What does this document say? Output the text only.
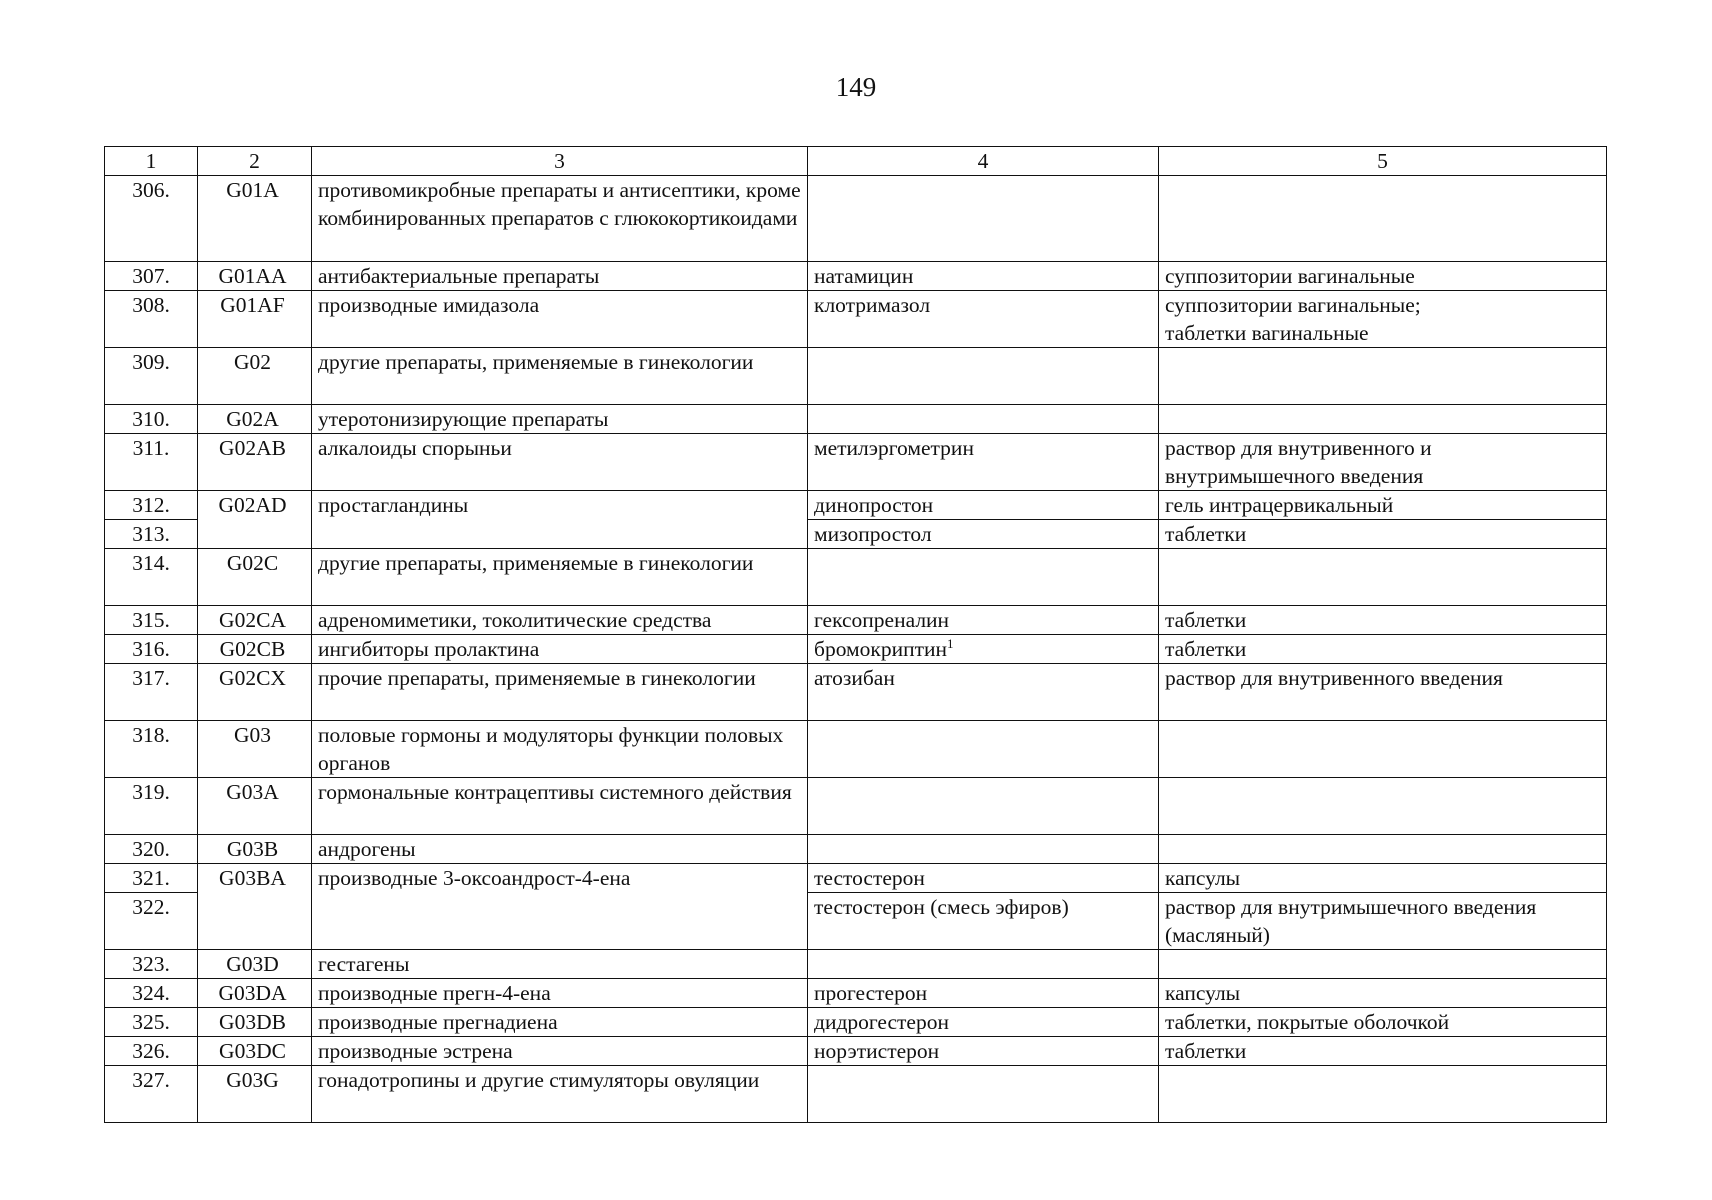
149
1	2	3	4	5
306.	G01A	противомикробные препараты и антисептики, кроме комбинированных препаратов с глюкокортикоидами		
307.	G01AA	антибактериальные препараты	натамицин	суппозитории вагинальные
308.	G01AF	производные имидазола	клотримазол	суппозитории вагинальные;
таблетки вагинальные
309.	G02	другие препараты, применяемые в гинекологии		
310.	G02A	утеротонизирующие препараты		
311.	G02AB	алкалоиды спорыньи	метилэргометрин	раствор для внутривенного и внутримышечного введения
312.	G02AD	простагландины	динопростон	гель интрацервикальный
313.			мизопростол	таблетки
314.	G02C	другие препараты, применяемые в гинекологии		
315.	G02CA	адреномиметики, токолитические средства	гексопреналин	таблетки
316.	G02CB	ингибиторы пролактина	бромокриптин$^1$	таблетки
317.	G02CX	прочие препараты, применяемые в гинекологии	атозибан	раствор для внутривенного введения
318.	G03	половые гормоны и модуляторы функции половых органов		
319.	G03A	гормональные контрацептивы системного действия		
320.	G03B	андрогены		
321.	G03BA	производные 3-оксоандрост-4-ена	тестостерон	капсулы
322.			тестостерон (смесь эфиров)	раствор для внутримышечного введения (масляный)
323.	G03D	гестагены		
324.	G03DA	производные прегн-4-ена	прогестерон	капсулы
325.	G03DB	производные прегнадиена	дидрогестерон	таблетки, покрытые оболочкой
326.	G03DC	производные эстрена	норэтистерон	таблетки
327.	G03G	гонадотропины и другие стимуляторы овуляции		
